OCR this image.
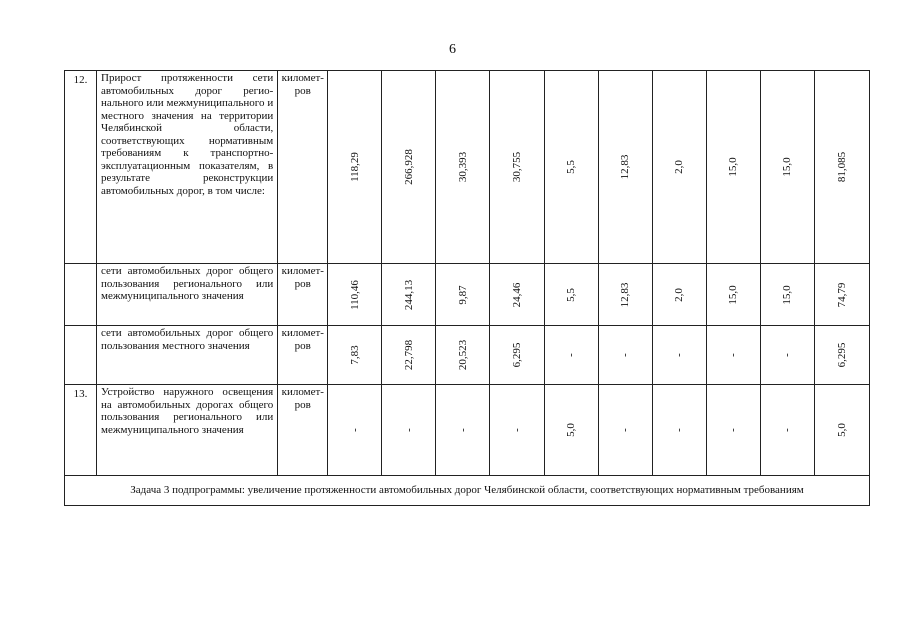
6
12.	Прирост протяженности сети автомобильных дорог регионального или межмуниципального и местного значения на территории Челябинской области, соответствующих нормативным требованиям к транспортно-эксплуатационным показателям, в результате реконструкции автомобильных дорог, в том числе:	километров	118,29	266,928	30,393	30,755	5,5	12,83	2,0	15,0	15,0	81,085

	сети автомобильных дорог общего пользования регионального или межмуниципального значения	километров	110,46	244,13	9,87	24,46	5,5	12,83	2,0	15,0	15,0	74,79

	сети автомобильных дорог общего пользования местного значения	километров	7,83	22,798	20,523	6,295	-	-	-	-	-	6,295

13.	Устройство наружного освещения на автомобильных дорогах общего пользования регионального или межмуниципального значения	километров	-	-	-	-	5,0	-	-	-	-	5,0

Задача 3 подпрограммы: увеличение протяженности автомобильных дорог Челябинской области, соответствующих нормативным требованиям												
